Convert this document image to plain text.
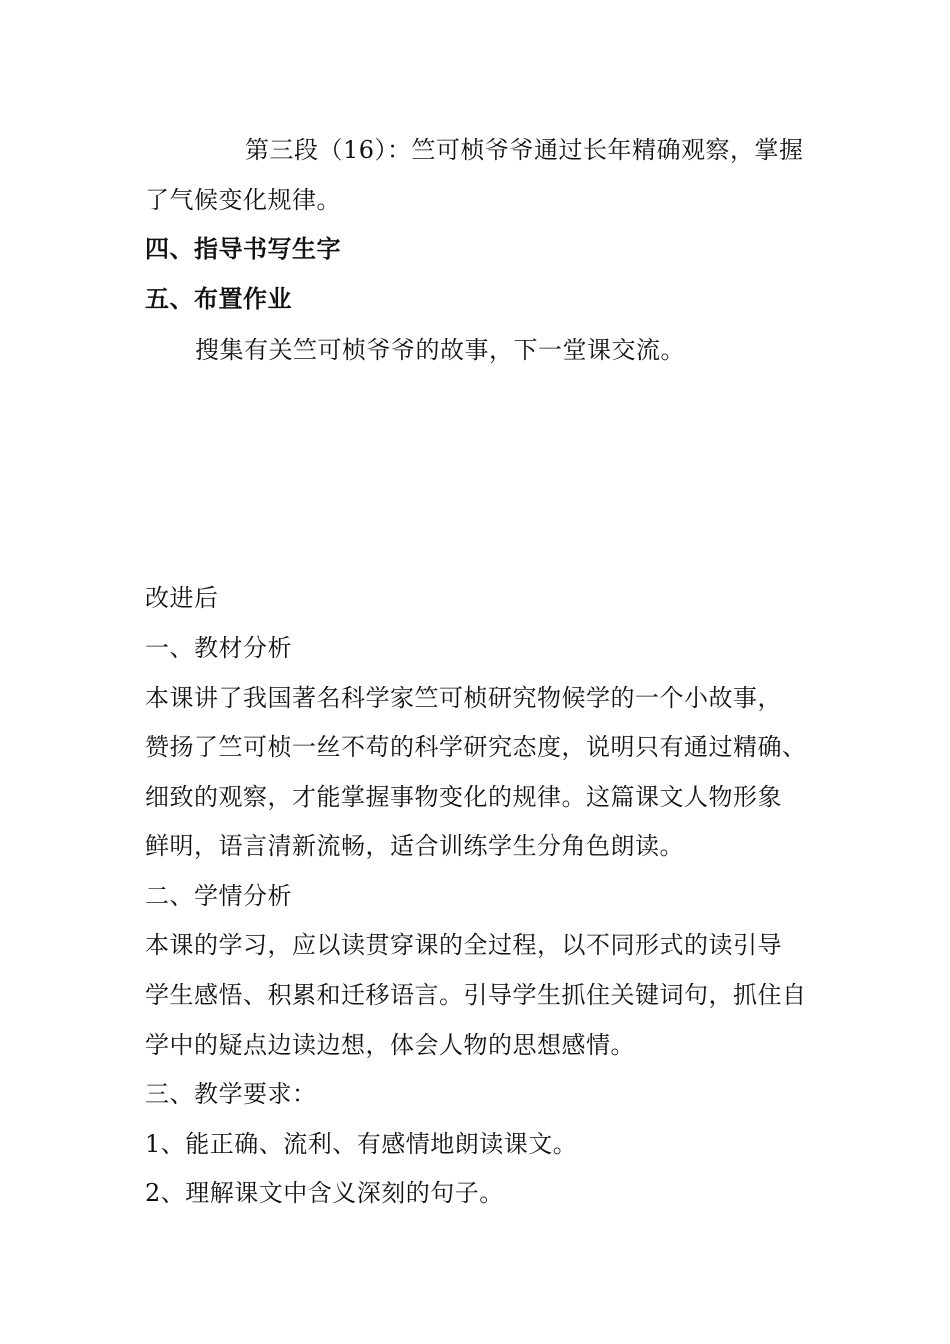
第三段（16）：竺可桢爷爷通过长年精确观察，掌握
了气候变化规律。
四、指导书写生字
五、布置作业
搜集有关竺可桢爷爷的故事，下一堂课交流。
改进后
一、教材分析
本课讲了我国著名科学家竺可桢研究物候学的一个小故事，
赞扬了竺可桢一丝不苟的科学研究态度，说明只有通过精确、
细致的观察，才能掌握事物变化的规律。这篇课文人物形象
鲜明，语言清新流畅，适合训练学生分角色朗读。
二、学情分析
本课的学习，应以读贯穿课的全过程，以不同形式的读引导
学生感悟、积累和迁移语言。引导学生抓住关键词句，抓住自
学中的疑点边读边想，体会人物的思想感情。
三、教学要求：
1、能正确、流利、有感情地朗读课文。
2、理解课文中含义深刻的句子。
